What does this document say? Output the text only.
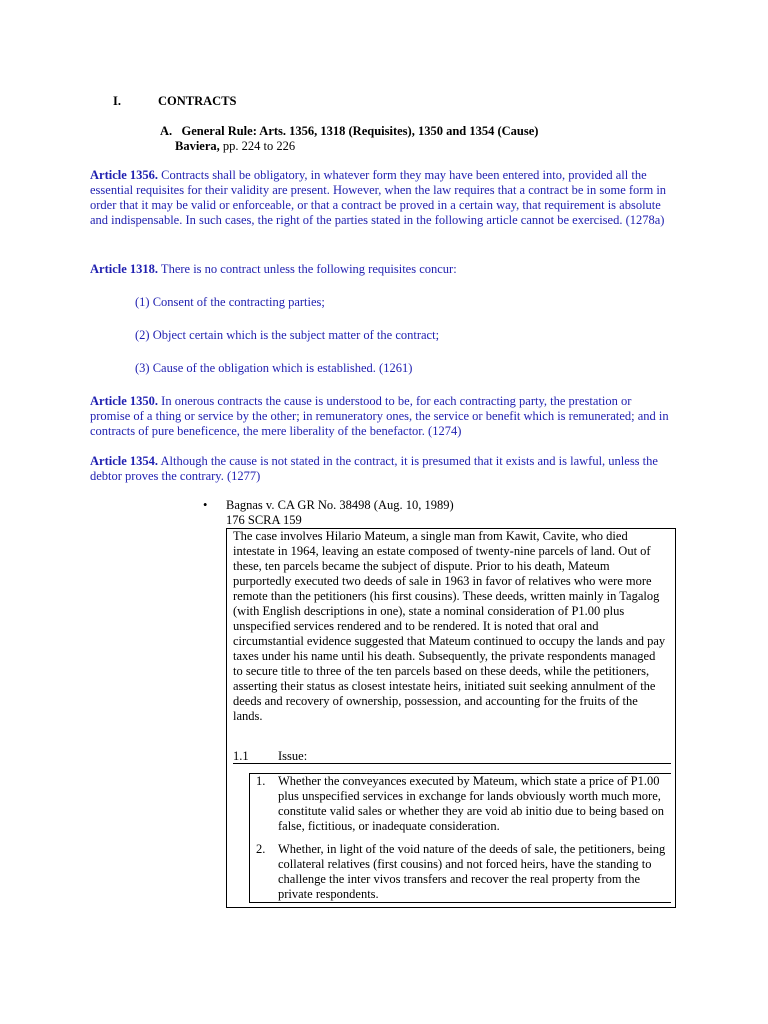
I.	CONTRACTS
A. General Rule: Arts. 1356, 1318 (Requisites), 1350 and 1354 (Cause)
Baviera, pp. 224 to 226
Article 1356. Contracts shall be obligatory, in whatever form they may have been entered into, provided all the
essential requisites for their validity are present. However, when the law requires that a contract be in some form in
order that it may be valid or enforceable, or that a contract be proved in a certain way, that requirement is absolute
and indispensable. In such cases, the right of the parties stated in the following article cannot be exercised. (1278a)
Article 1318. There is no contract unless the following requisites concur:
(1) Consent of the contracting parties;
(2) Object certain which is the subject matter of the contract;
(3) Cause of the obligation which is established. (1261)
Article 1350. In onerous contracts the cause is understood to be, for each contracting party, the prestation or
promise of a thing or service by the other; in remuneratory ones, the service or benefit which is remunerated; and in
contracts of pure beneficence, the mere liberality of the benefactor. (1274)
Article 1354. Although the cause is not stated in the contract, it is presumed that it exists and is lawful, unless the
debtor proves the contrary. (1277)
• Bagnas v. CA GR No. 38498 (Aug. 10, 1989)
176 SCRA 159
The case involves Hilario Mateum, a single man from Kawit, Cavite, who died
intestate in 1964, leaving an estate composed of twenty-nine parcels of land. Out of
these, ten parcels became the subject of dispute. Prior to his death, Mateum
purportedly executed two deeds of sale in 1963 in favor of relatives who were more
remote than the petitioners (his first cousins). These deeds, written mainly in Tagalog
(with English descriptions in one), state a nominal consideration of P1.00 plus
unspecified services rendered and to be rendered. It is noted that oral and
circumstantial evidence suggested that Mateum continued to occupy the lands and pay
taxes under his name until his death. Subsequently, the private respondents managed
to secure title to three of the ten parcels based on these deeds, while the petitioners,
asserting their status as closest intestate heirs, initiated suit seeking annulment of the
deeds and recovery of ownership, possession, and accounting for the fruits of the
lands.
1.1 Issue:
1.	Whether the conveyances executed by Mateum, which state a price of P1.00
plus unspecified services in exchange for lands obviously worth much more,
constitute valid sales or whether they are void ab initio due to being based on
false, fictitious, or inadequate consideration.
2.	Whether, in light of the void nature of the deeds of sale, the petitioners, being
collateral relatives (first cousins) and not forced heirs, have the standing to
challenge the inter vivos transfers and recover the real property from the
private respondents.
